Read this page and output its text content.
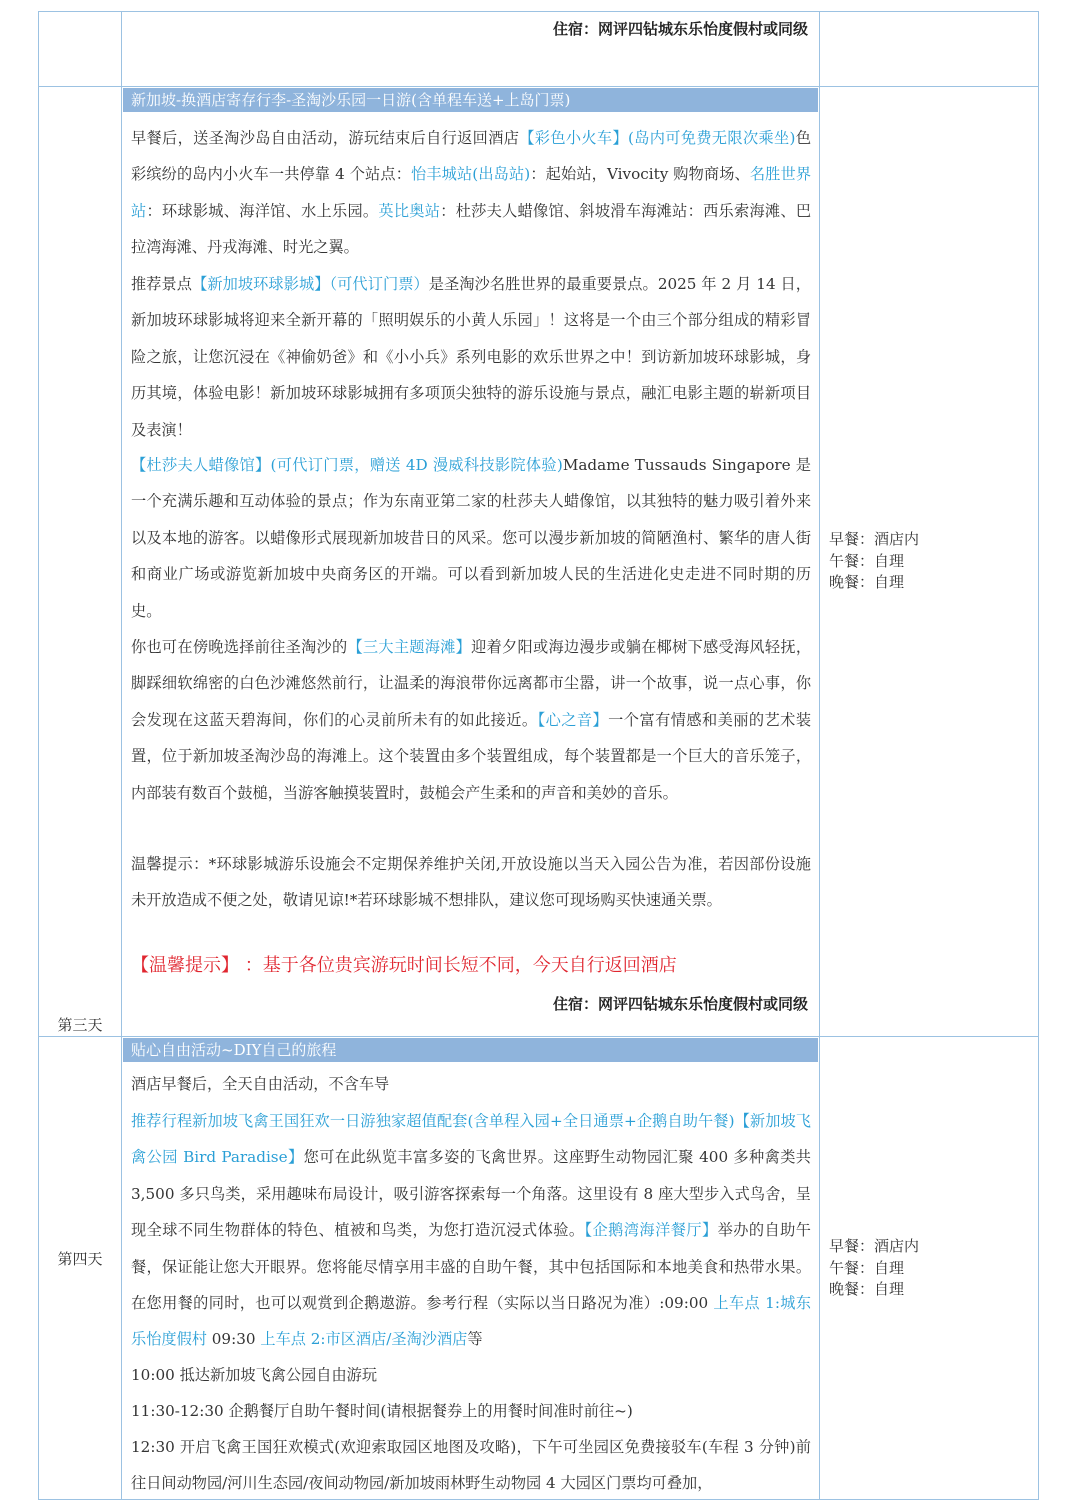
住宿：网评四钻城东乐怡度假村或同级
新加坡-换酒店寄存行李-圣淘沙乐园一日游(含单程车送+上岛门票)

早餐后，送圣淘沙岛自由活动，游玩结束后自行返回酒店【彩色小火车】(岛内可免费无限次乘坐)色彩缤纷的岛内小火车一共停靠 4 个站点：怡丰城站(出岛站)：起始站，Vivocity 购物商场、名胜世界站：环球影城、海洋馆、水上乐园。英比奥站：杜莎夫人蜡像馆、斜坡滑车海滩站：西乐索海滩、巴拉湾海滩、丹戎海滩、时光之翼。

推荐景点【新加坡环球影城】（可代订门票）是圣淘沙名胜世界的最重要景点。2025 年 2 月 14 日，新加坡环球影城将迎来全新开幕的「照明娱乐的小黄人乐园」！这将是一个由三个部分组成的精彩冒险之旅，让您沉浸在《神偷奶爸》和《小小兵》系列电影的欢乐世界之中！到访新加坡环球影城，身历其境，体验电影！新加坡环球影城拥有多项顶尖独特的游乐设施与景点，融汇电影主题的崭新项目及表演！

【杜莎夫人蜡像馆】(可代订门票，赠送 4D 漫威科技影院体验)Madame Tussauds Singapore 是一个充满乐趣和互动体验的景点；作为东南亚第二家的杜莎夫人蜡像馆，以其独特的魅力吸引着外来以及本地的游客。以蜡像形式展现新加坡昔日的风采。您可以漫步新加坡的简陋渔村、繁华的唐人街和商业广场或游览新加坡中央商务区的开端。可以看到新加坡人民的生活进化史走进不同时期的历史。

你也可在傍晚选择前往圣淘沙的【三大主题海滩】迎着夕阳或海边漫步或躺在椰树下感受海风轻抚，脚踩细软绵密的白色沙滩悠然前行，让温柔的海浪带你远离都市尘嚣，讲一个故事，说一点心事，你会发现在这蓝天碧海间，你们的心灵前所未有的如此接近。【心之音】一个富有情感和美丽的艺术装置，位于新加坡圣淘沙岛的海滩上。这个装置由多个装置组成，每个装置都是一个巨大的音乐笼子，内部装有数百个鼓槌，当游客触摸装置时，鼓槌会产生柔和的声音和美妙的音乐。

温馨提示：*环球影城游乐设施会不定期保养维护关闭,开放设施以当天入园公告为准，若因部份设施未开放造成不便之处，敬请见谅!*若环球影城不想排队，建议您可现场购买快速通关票。

【温馨提示】 ：基于各位贵宾游玩时间长短不同，今天自行返回酒店
住宿：网评四钻城东乐怡度假村或同级
第三天
早餐：酒店内
午餐：自理
晚餐：自理
贴心自由活动~DIY自己的旅程

酒店早餐后，全天自由活动，不含车导

推荐行程新加坡飞禽王国狂欢一日游独家超值配套(含单程入园+全日通票+企鹅自助午餐)【新加坡飞禽公园 Bird Paradise】您可在此纵览丰富多姿的飞禽世界。这座野生动物园汇聚 400 多种禽类共 3,500 多只鸟类，采用趣味布局设计，吸引游客探索每一个角落。这里设有 8 座大型步入式鸟舍，呈现全球不同生物群体的特色、植被和鸟类，为您打造沉浸式体验。【企鹅湾海洋餐厅】举办的自助午餐，保证能让您大开眼界。您将能尽情享用丰盛的自助午餐，其中包括国际和本地美食和热带水果。在您用餐的同时，也可以观赏到企鹅遨游。参考行程（实际以当日路况为准）:09:00 上车点 1:城东乐怡度假村 09:30 上车点 2:市区酒店/圣淘沙酒店等

10:00 抵达新加坡飞禽公园自由游玩

11:30-12:30 企鹅餐厅自助午餐时间(请根据餐券上的用餐时间准时前往~)

12:30 开启飞禽王国狂欢模式(欢迎索取园区地图及攻略)，下午可坐园区免费接驳车(车程 3 分钟)前往日间动物园/河川生态园/夜间动物园/新加坡雨林野生动物园 4 大园区门票均可叠加，

第四天
早餐：酒店内
午餐：自理
晚餐：自理
